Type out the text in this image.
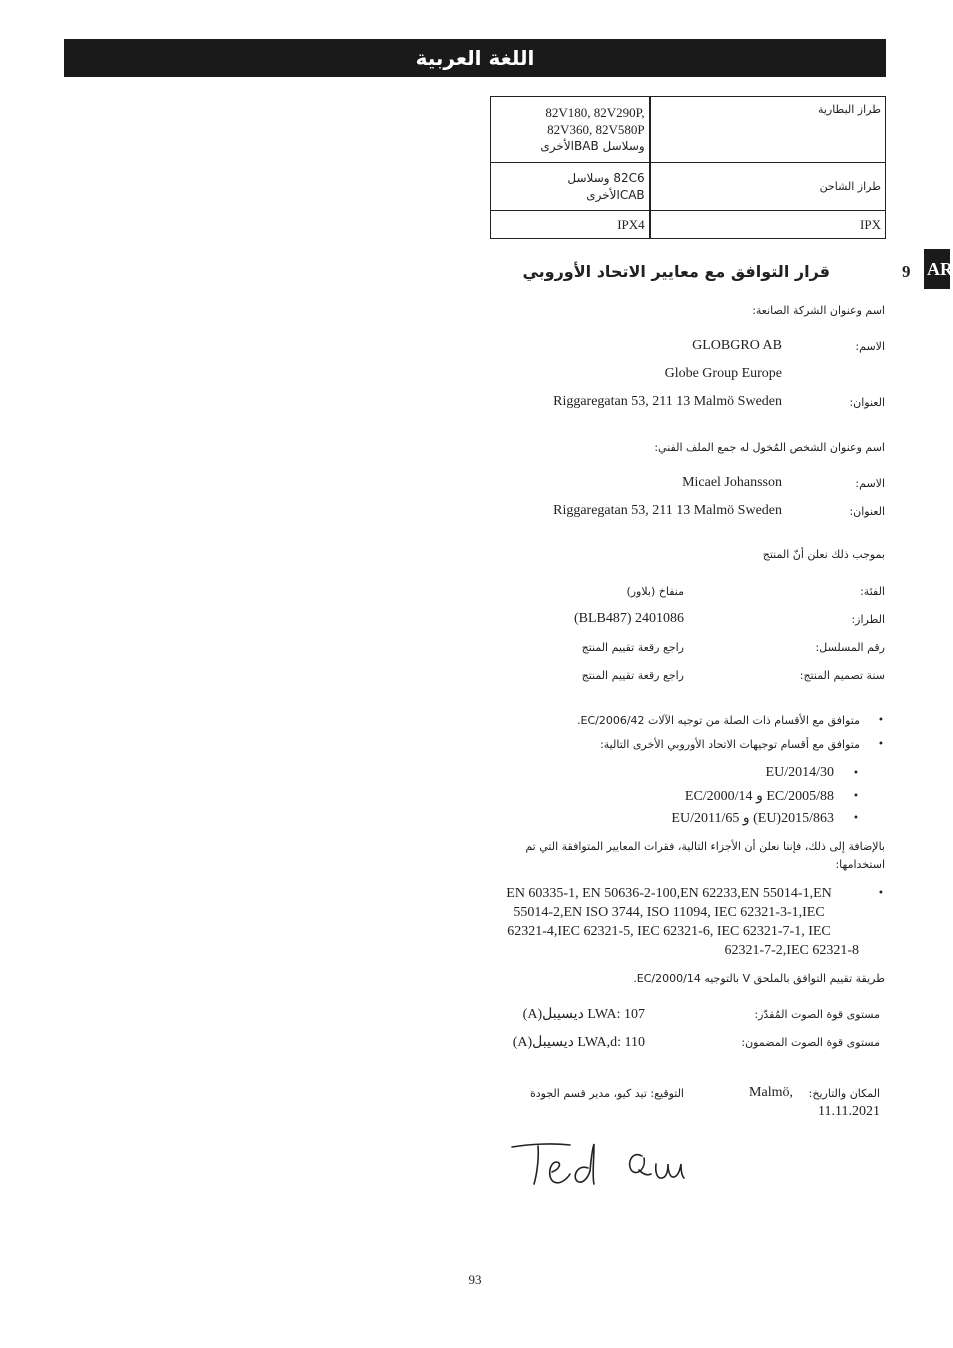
اللغة العربية
AR
82V180, 82V290P,
82V360, 82V580P
وسلاسل BABالأخرى	طراز البطارية

82C6 وسلاسل
CABالأخرى	طراز الشاحن
IPX4	IPX
9
قرار التوافق مع معايير الاتحاد الأوروبي
اسم وعنوان الشركة الصانعة:
الاسم:
GLOBGRO AB
Globe Group Europe
العنوان:
Riggaregatan 53, 211 13 Malmö Sweden
اسم وعنوان الشخص المُخول له جمع الملف الفني:
الاسم:
Micael Johansson
العنوان:
Riggaregatan 53, 211 13 Malmö Sweden
بموجب ذلك نعلن أنّ المنتج
الفئة:
منفاخ (بلاور)
الطراز:
(BLB487) 2401086
رقم المسلسل:
راجع رقعة تقييم المنتج
سنة تصميم المنتج:
راجع رقعة تقييم المنتج
•
متوافق مع الأقسام ذات الصلة من توجيه الآلات EC/2006/42.
•
متوافق مع أقسام توجيهات الاتحاد الأوروبي الأخرى التالية:
•
EU/2014/30
•
EC/2000/14 و EC/2005/88
•
EU/2011/65 و (EU)2015/863
بالإضافة إلى ذلك، فإننا نعلن أن الأجزاء التالية، فقرات المعايير المتوافقة التي تم استخدامها:
•
EN 60335-1, EN 50636-2-100,EN 62233,EN 55014-1,EN
55014-2,EN ISO 3744, ISO 11094, IEC 62321-3-1,IEC
62321-4,IEC 62321-5, IEC 62321-6, IEC 62321-7-1, IEC
62321-7-2,IEC 62321-8
طريقة تقييم التوافق بالملحق V بالتوجيه EC/2000/14.
مستوى قوة الصوت المُقدّر:
107 :LWA ديسيبل(A)
مستوى قوة الصوت المضمون:
110 :LWA,d ديسيبل(A)
المكان والتاريخ:
Malmö,
11.11.2021
التوقيع: تيد كيو، مدير قسم الجودة
93
